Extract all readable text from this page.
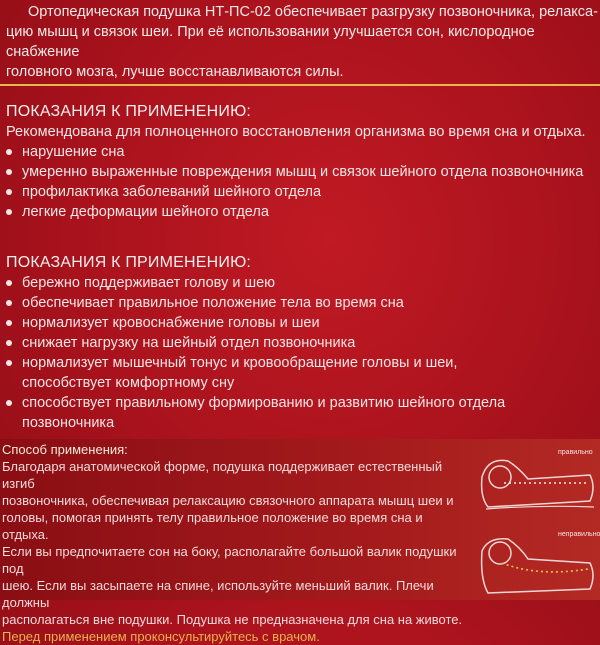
Ортопедическая подушка НТ-ПС-02 обеспечивает разгрузку позвоночника, релакса-
цию мышц и связок шеи. При её использовании улучшается сон, кислородное снабжение
головного мозга, лучше восстанавливаются силы.
ПОКАЗАНИЯ К ПРИМЕНЕНИЮ:

Рекомендована для полноценного восстановления организма во время сна и отдыха.

нарушение сна
умеренно выраженные повреждения мышц и связок шейного отдела позвоночника
профилактика заболеваний шейного отдела
легкие деформации шейного отдела
ПОКАЗАНИЯ К ПРИМЕНЕНИЮ:
бережно поддерживает голову и шею
обеспечивает правильное положение тела во время сна
нормализует кровоснабжение головы и шеи
снижает нагрузку на шейный отдел позвоночника
нормализует мышечный тонус и кровообращение головы и шеи, способствует комфортному сну
способствует правильному формированию и развитию шейного отдела позвоночника
Способ применения:
Благодаря анатомической форме, подушка поддерживает естественный изгиб
позвоночника, обеспечивая релаксацию связочного аппарата мышц шеи и
головы, помогая принять телу правильное положение во время сна и отдыха.
Если вы предпочитаете сон на боку, располагайте большой валик подушки под
шею. Если вы засыпаете на спине, используйте меньший валик. Плечи должны
располагаться вне подушки. Подушка не предназначена для сна на животе.
Перед применением проконсультируйтесь с врачом.
правильно
неправильно
